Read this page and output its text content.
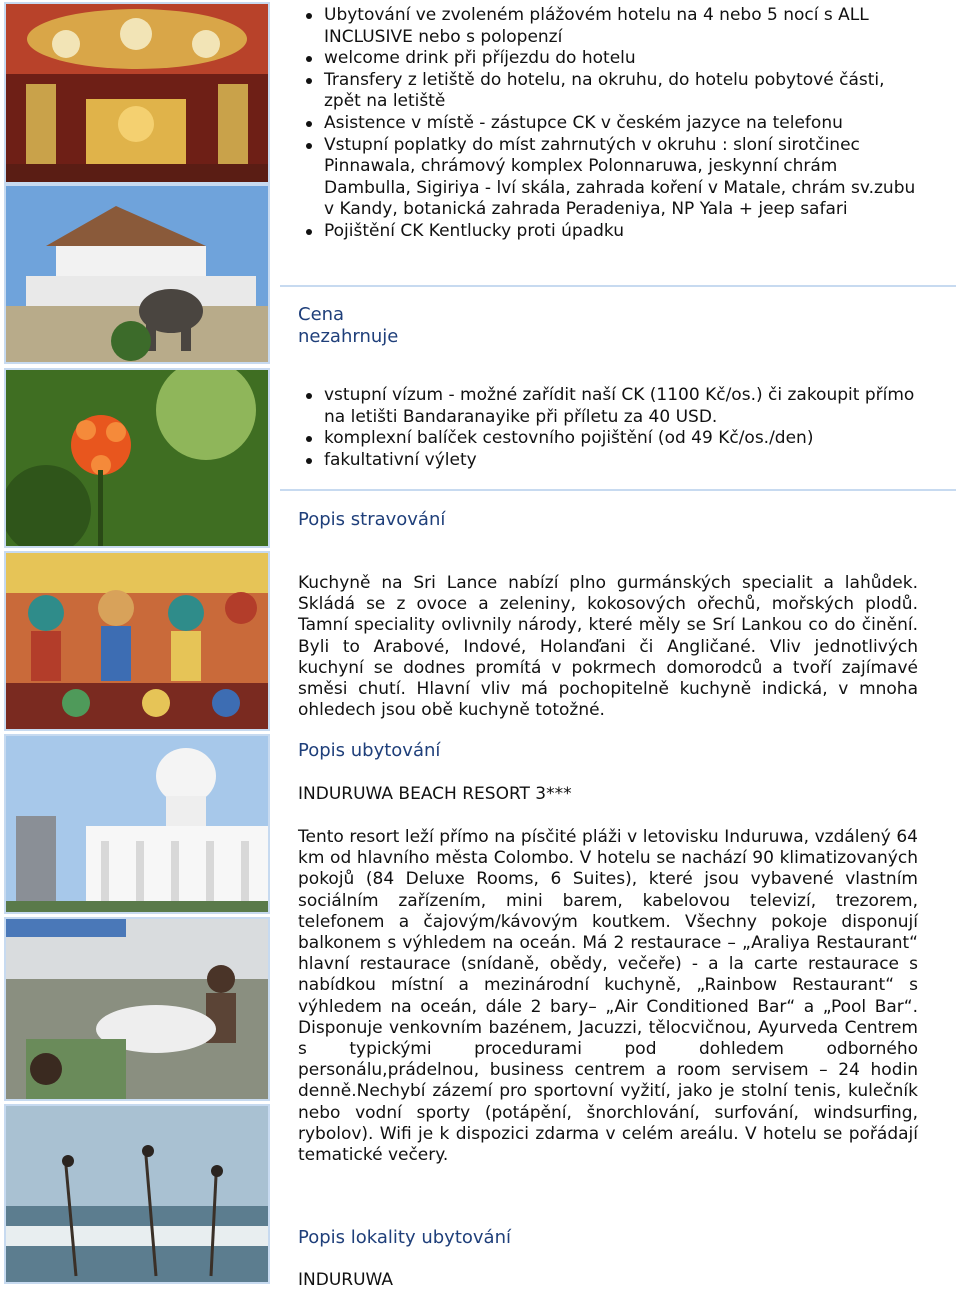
Ubytování ve zvoleném plážovém hotelu na 4 nebo 5 nocí s ALL INCLUSIVE nebo s polopenzí
welcome drink při příjezdu do hotelu
Transfery z letiště do hotelu, na okruhu, do hotelu pobytové části, zpět na letiště
Asistence v místě - zástupce CK v českém jazyce na telefonu
Vstupní poplatky do míst zahrnutých v okruhu : sloní sirotčinec Pinnawala, chrámový komplex Polonnaruwa, jeskynní chrám Dambulla, Sigiriya - lví skála, zahrada koření v Matale, chrám sv.zubu v Kandy, botanická zahrada Peradeniya, NP Yala + jeep safari
Pojištění CK Kentlucky proti úpadku
Cena
nezahrnuje
vstupní vízum - možné zařídit naší CK (1100 Kč/os.) či zakoupit přímo na letišti Bandaranayike při příletu za 40 USD.
komplexní balíček cestovního pojištění (od 49 Kč/os./den)
fakultativní výlety
Popis stravování
Kuchyně na Sri Lance nabízí plno gurmánských specialit a lahůdek. Skládá se z ovoce a zeleniny, kokosových ořechů, mořských plodů. Tamní speciality ovlivnily národy, které měly se Srí Lankou co do činění. Byli to Arabové, Indové, Holanďani či Angličané. Vliv jednotlivých kuchyní se dodnes promítá v pokrmech domorodců a tvoří zajímavé směsi chutí. Hlavní vliv má pochopitelně kuchyně indická, v mnoha ohledech jsou obě kuchyně totožné.
Popis ubytování
INDURUWA BEACH RESORT 3***
Tento resort leží přímo na písčité pláži v letovisku Induruwa, vzdálený 64 km od hlavního města Colombo. V hotelu se nachází 90 klimatizovaných pokojů (84 Deluxe Rooms, 6 Suites), které jsou vybavené vlastním sociálním zařízením, mini barem, kabelovou televizí, trezorem, telefonem a čajovým/kávovým koutkem. Všechny pokoje disponují balkonem s výhledem na oceán. Má 2 restaurace – „Araliya Restaurant“ hlavní restaurace (snídaně, obědy, večeře) - a la carte restaurace s nabídkou místní a mezinárodní kuchyně, „Rainbow Restaurant“ s výhledem na oceán, dále 2 bary– „Air Conditioned Bar“ a „Pool Bar“. Disponuje venkovním bazénem, Jacuzzi, tělocvičnou, Ayurveda Centrem s typickými procedurami pod dohledem odborného personálu,prádelnou, business centrem a room servisem – 24 hodin denně.Nechybí zázemí pro sportovní vyžití, jako je stolní tenis, kulečník nebo vodní sporty (potápění, šnorchlování, surfování, windsurfing, rybolov). Wifi je k dispozici zdarma v celém areálu. V hotelu se pořádají tematické večery.
Popis lokality ubytování
INDURUWA
